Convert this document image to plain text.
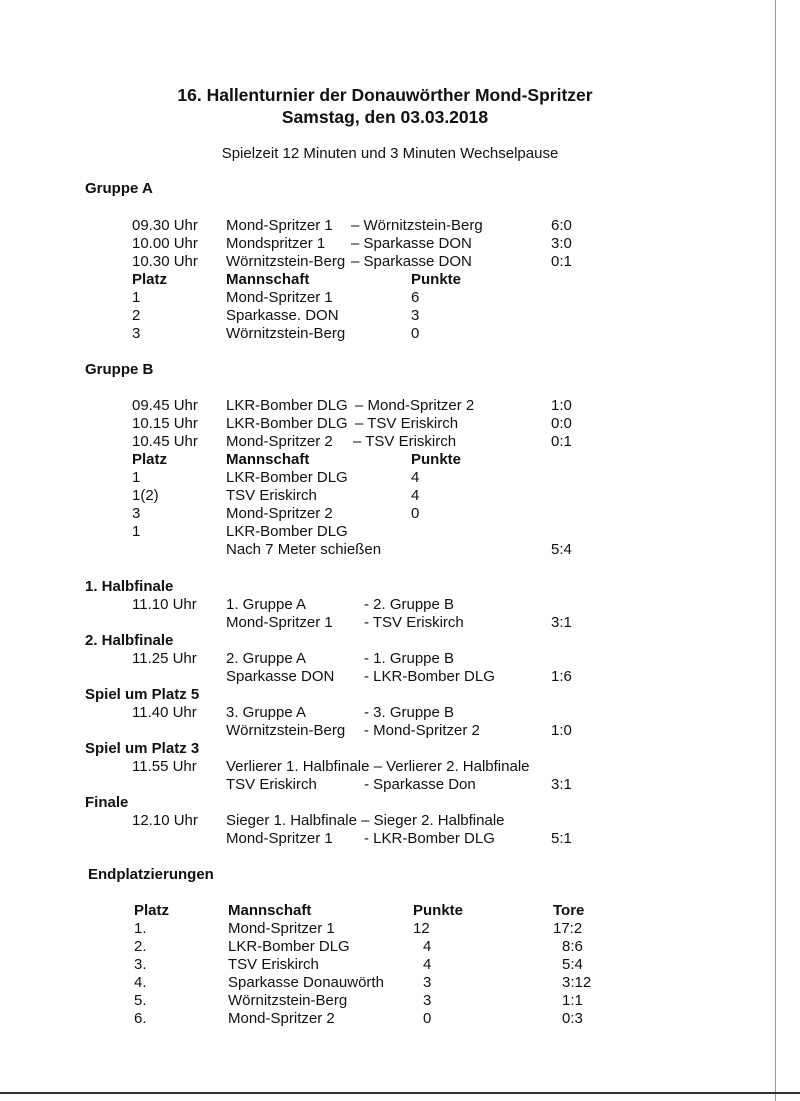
16. Hallenturnier der Donauwörther Mond-Spritzer
Samstag, den 03.03.2018
Spielzeit 12 Minuten und 3 Minuten Wechselpause
Gruppe A
09.30 Uhr Mond-Spritzer 1 – Wörnitzstein-Berg	6:0
10.00 Uhr Mondspritzer 1 – Sparkasse DON	3:0
10.30 Uhr Wörnitzstein-Berg – Sparkasse DON	0:1
Platz	Mannschaft	Punkte
1	Mond-Spritzer 1	6
2	Sparkasse. DON	3
3	Wörnitzstein-Berg	0
Gruppe B
09.45 Uhr LKR-Bomber DLG – Mond-Spritzer 2	1:0
10.15 Uhr LKR-Bomber DLG – TSV Eriskirch	0:0
10.45 Uhr Mond-Spritzer 2 – TSV Eriskirch	0:1
Platz	Mannschaft	Punkte
1	LKR-Bomber DLG	4
1(2)	TSV Eriskirch	4
3	Mond-Spritzer 2	0
1	LKR-Bomber DLG
Nach 7 Meter schießen	5:4
1. Halbfinale
11.10 Uhr 1. Gruppe A	- 2. Gruppe B
Mond-Spritzer 1 - TSV Eriskirch	3:1
2. Halbfinale
11.25 Uhr 2. Gruppe A	- 1. Gruppe B
Sparkasse DON - LKR-Bomber DLG	1:6
Spiel um Platz 5
11.40 Uhr 3. Gruppe A	- 3. Gruppe B
Wörnitzstein-Berg - Mond-Spritzer 2	1:0
Spiel um Platz 3
11.55 Uhr Verlierer 1. Halbfinale – Verlierer 2. Halbfinale
TSV Eriskirch	- Sparkasse Don	3:1
Finale
12.10 Uhr Sieger 1. Halbfinale – Sieger 2. Halbfinale
Mond-Spritzer 1 - LKR-Bomber DLG	5:1
Endplatzierungen
Platz	Mannschaft	Punkte	Tore
1.	Mond-Spritzer 1	12	17:2
2.	LKR-Bomber DLG	4	8:6
3.	TSV Eriskirch	4	5:4
4.	Sparkasse Donauwörth	3	3:12
5.	Wörnitzstein-Berg	3	1:1
6.	Mond-Spritzer 2	0	0:3
